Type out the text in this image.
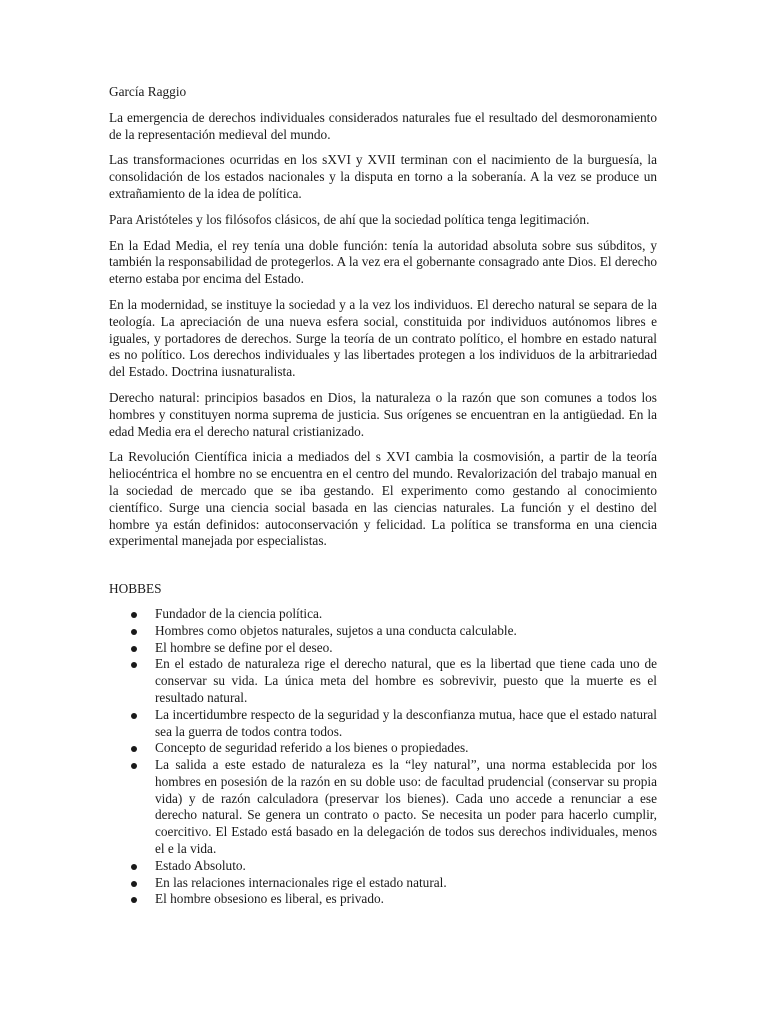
García Raggio

La emergencia de derechos individuales considerados naturales fue el resultado del desmoronamiento de la representación medieval del mundo.

Las transformaciones ocurridas en los sXVI y XVII terminan con el nacimiento de la burguesía, la consolidación de los estados nacionales y la disputa en torno a la soberanía. A la vez se produce un extrañamiento de la idea de política.

Para Aristóteles y los filósofos clásicos, de ahí que la sociedad política tenga legitimación.

En la Edad Media, el rey tenía una doble función: tenía la autoridad absoluta sobre sus súbditos, y también la responsabilidad de protegerlos. A la vez era el gobernante consagrado ante Dios. El derecho eterno estaba por encima del Estado.

En la modernidad, se instituye la sociedad y a la vez los individuos. El derecho natural se separa de la teología. La apreciación de una nueva esfera social, constituida por individuos autónomos libres e iguales, y portadores de derechos. Surge la teoría de un contrato político, el hombre en estado natural es no político. Los derechos individuales y las libertades protegen a los individuos de la arbitrariedad del Estado. Doctrina iusnaturalista.

Derecho natural: principios basados en Dios, la naturaleza o la razón que son comunes a todos los hombres y constituyen norma suprema de justicia. Sus orígenes se encuentran en la antigüedad. En la edad Media era el derecho natural cristianizado.

La Revolución Científica inicia a mediados del s XVI cambia la cosmovisión, a partir de la teoría heliocéntrica el hombre no se encuentra en el centro del mundo. Revalorización del trabajo manual en la sociedad de mercado que se iba gestando. El experimento como gestando al conocimiento científico. Surge una ciencia social basada en las ciencias naturales. La función y el destino del hombre ya están definidos: autoconservación y felicidad. La política se transforma en una ciencia experimental manejada por especialistas.

HOBBES

Fundador de la ciencia política.
Hombres como objetos naturales, sujetos a una conducta calculable.
El hombre se define por el deseo.
En el estado de naturaleza rige el derecho natural, que es la libertad que tiene cada uno de conservar su vida. La única meta del hombre es sobrevivir, puesto que la muerte es el resultado natural.
La incertidumbre respecto de la seguridad y la desconfianza mutua, hace que el estado natural sea la guerra de todos contra todos.
Concepto de seguridad referido a los bienes o propiedades.
La salida a este estado de naturaleza es la “ley natural”, una norma establecida por los hombres en posesión de la razón en su doble uso: de facultad prudencial (conservar su propia vida) y de razón calculadora (preservar los bienes). Cada uno accede a renunciar a ese derecho natural. Se genera un contrato o pacto. Se necesita un poder para hacerlo cumplir, coercitivo. El Estado está basado en la delegación de todos sus derechos individuales, menos el e la vida.
Estado Absoluto.
En las relaciones internacionales rige el estado natural.
El hombre obsesiono es liberal, es privado.
